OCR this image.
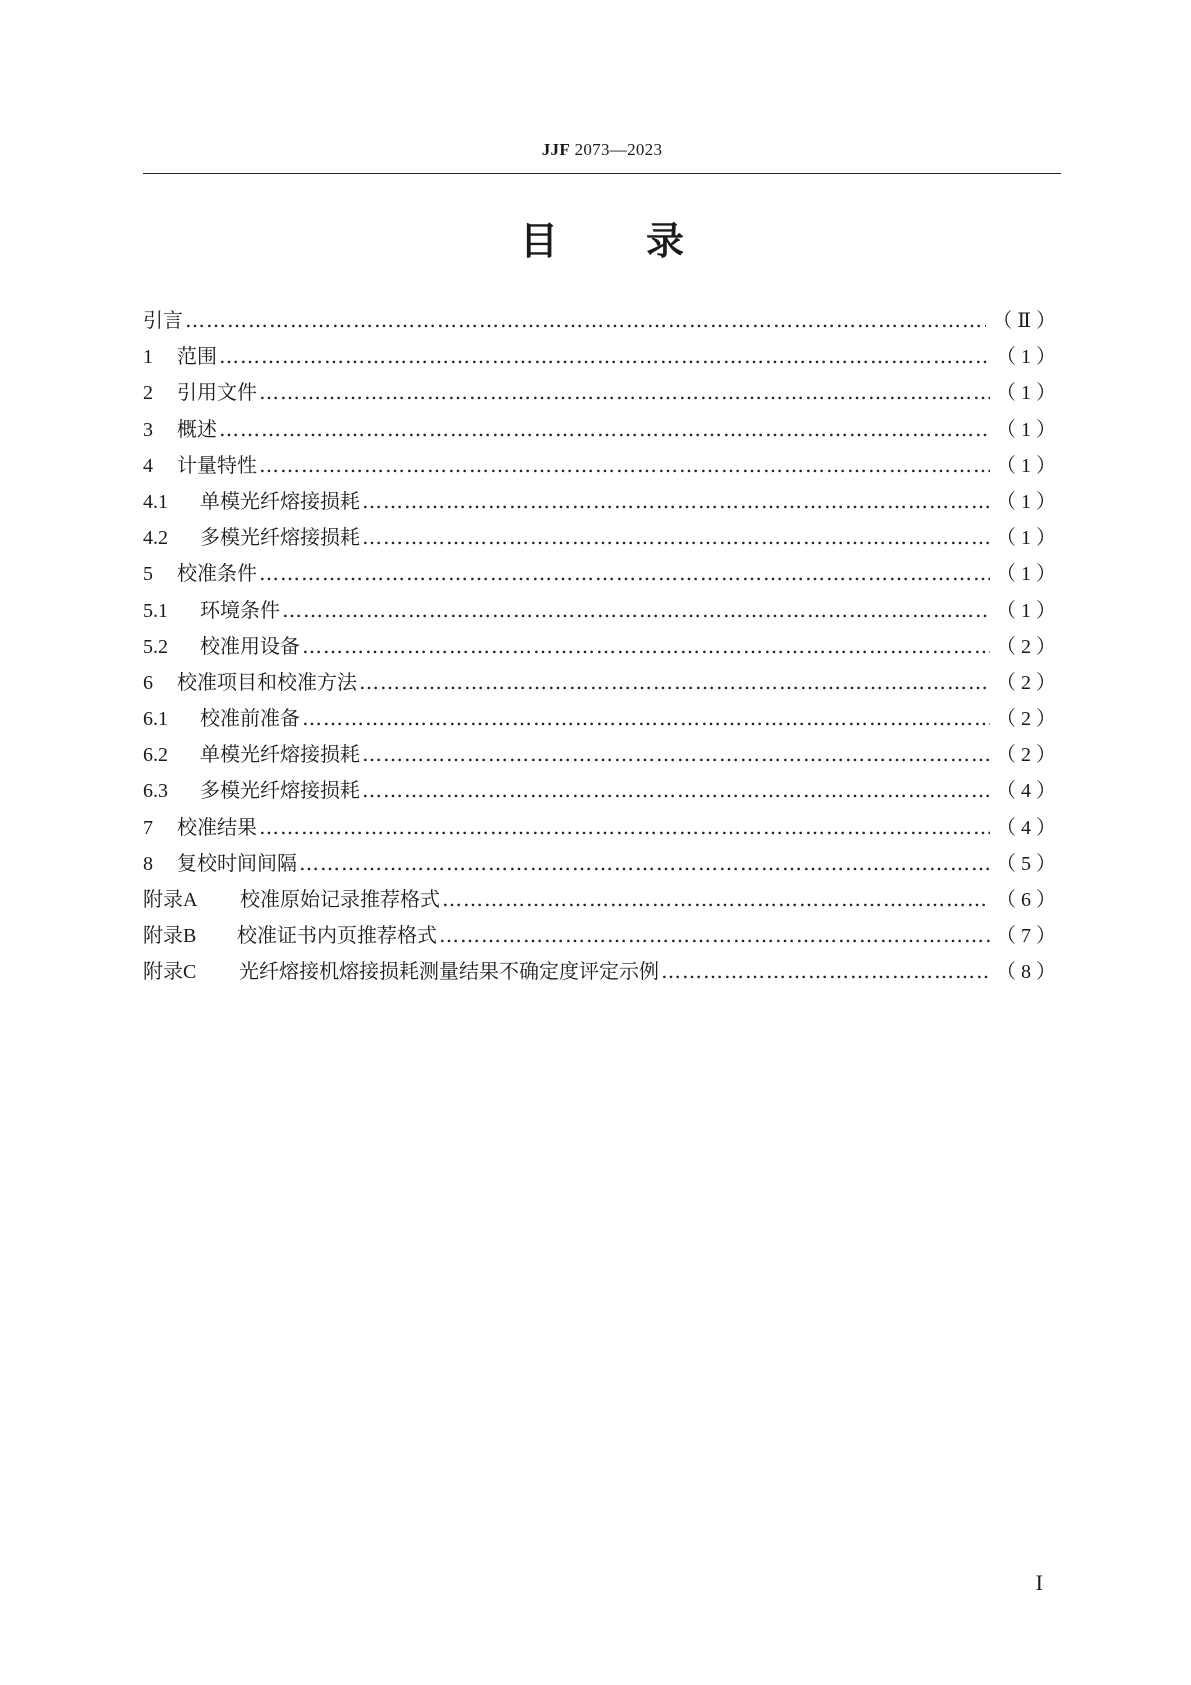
JJF 2073—2023
目 录
引言 ………………………………………………………………………………………………………………………………………………………………………………………………………………………………………	（Ⅱ）
1	范围 ………………………………………………………………………………………………………………………………………………………………………………………………………………………………………	（1）
2	引用文件 ………………………………………………………………………………………………………………………………………………………………………………………………………………………………………	（1）
3	概述 ………………………………………………………………………………………………………………………………………………………………………………………………………………………………………	（1）
4	计量特性 ………………………………………………………………………………………………………………………………………………………………………………………………………………………………………	（1）
4.1	单模光纤熔接损耗 ………………………………………………………………………………………………………………………………………………………………………………………………………………………………………	（1）
4.2	多模光纤熔接损耗 ………………………………………………………………………………………………………………………………………………………………………………………………………………………………………	（1）
5	校准条件 ………………………………………………………………………………………………………………………………………………………………………………………………………………………………………	（1）
5.1	环境条件 ………………………………………………………………………………………………………………………………………………………………………………………………………………………………………	（1）
5.2	校准用设备 ………………………………………………………………………………………………………………………………………………………………………………………………………………………………………	（2）
6	校准项目和校准方法 ………………………………………………………………………………………………………………………………………………………………………………………………………………………………………	（2）
6.1	校准前准备 ………………………………………………………………………………………………………………………………………………………………………………………………………………………………………	（2）
6.2	单模光纤熔接损耗 ………………………………………………………………………………………………………………………………………………………………………………………………………………………………………	（2）
6.3	多模光纤熔接损耗 ………………………………………………………………………………………………………………………………………………………………………………………………………………………………………	（4）
7	校准结果 ………………………………………………………………………………………………………………………………………………………………………………………………………………………………………	（4）
8	复校时间间隔 ………………………………………………………………………………………………………………………………………………………………………………………………………………………………………	（5）
附录A	校准原始记录推荐格式 ………………………………………………………………………………………………………………………………………………………………………………………………………………………………………	（6）
附录B	校准证书内页推荐格式 ………………………………………………………………………………………………………………………………………………………………………………………………………………………………………	（7）
附录C	光纤熔接机熔接损耗测量结果不确定度评定示例 ………………………………………………………………………………………………………………………………………………………………………………………………………………………………………	（8）
I
